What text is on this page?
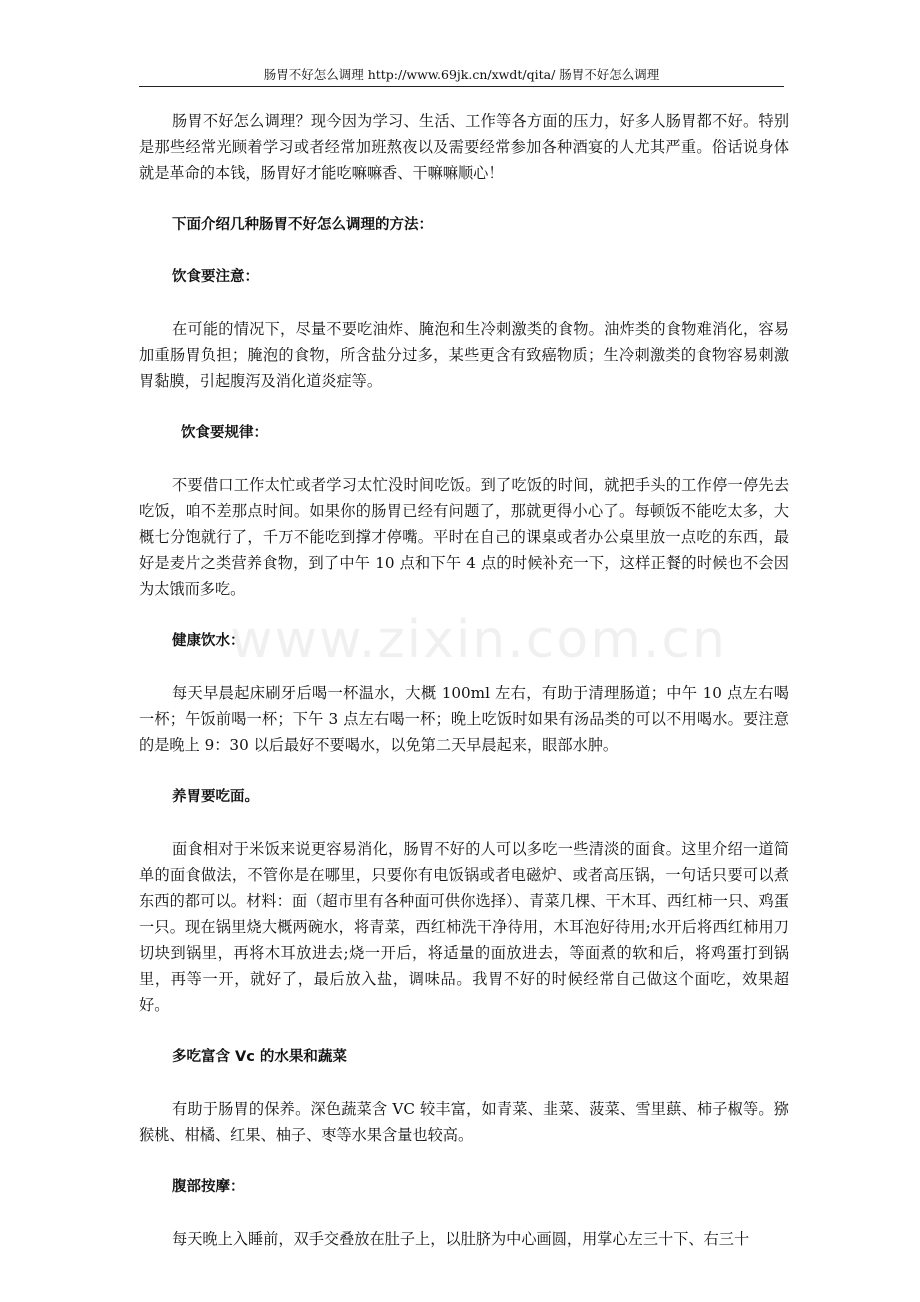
肠胃不好怎么调理 http://www.69jk.cn/xwdt/qita/ 肠胃不好怎么调理
www.zixin.com.cn

肠胃不好怎么调理？现今因为学习、生活、工作等各方面的压力，好多人肠胃都不好。特别是那些经常光顾着学习或者经常加班熬夜以及需要经常参加各种酒宴的人尤其严重。俗话说身体就是革命的本钱，肠胃好才能吃嘛嘛香、干嘛嘛顺心！

下面介绍几种肠胃不好怎么调理的方法：

饮食要注意：

在可能的情况下，尽量不要吃油炸、腌泡和生冷刺激类的食物。油炸类的食物难消化，容易加重肠胃负担；腌泡的食物，所含盐分过多，某些更含有致癌物质；生冷刺激类的食物容易刺激胃黏膜，引起腹泻及消化道炎症等。

饮食要规律：

不要借口工作太忙或者学习太忙没时间吃饭。到了吃饭的时间，就把手头的工作停一停先去吃饭，咱不差那点时间。如果你的肠胃已经有问题了，那就更得小心了。每顿饭不能吃太多，大概七分饱就行了，千万不能吃到撑才停嘴。平时在自己的课桌或者办公桌里放一点吃的东西，最好是麦片之类营养食物，到了中午 10 点和下午 4 点的时候补充一下，这样正餐的时候也不会因为太饿而多吃。

健康饮水：

每天早晨起床刷牙后喝一杯温水，大概 100ml 左右，有助于清理肠道；中午 10 点左右喝一杯；午饭前喝一杯；下午 3 点左右喝一杯；晚上吃饭时如果有汤品类的可以不用喝水。要注意的是晚上 9：30 以后最好不要喝水，以免第二天早晨起来，眼部水肿。

养胃要吃面。

面食相对于米饭来说更容易消化，肠胃不好的人可以多吃一些清淡的面食。这里介绍一道简单的面食做法，不管你是在哪里，只要你有电饭锅或者电磁炉、或者高压锅，一句话只要可以煮东西的都可以。材料：面（超市里有各种面可供你选择）、青菜几棵、干木耳、西红柿一只、鸡蛋一只。现在锅里烧大概两碗水，将青菜，西红柿洗干净待用，木耳泡好待用;水开后将西红柿用刀切块到锅里，再将木耳放进去;烧一开后，将适量的面放进去，等面煮的软和后，将鸡蛋打到锅里，再等一开，就好了，最后放入盐，调味品。我胃不好的时候经常自己做这个面吃，效果超好。

多吃富含 Vc 的水果和蔬菜

有助于肠胃的保养。深色蔬菜含 VC 较丰富，如青菜、韭菜、菠菜、雪里蕻、柿子椒等。猕猴桃、柑橘、红果、柚子、枣等水果含量也较高。

腹部按摩：

每天晚上入睡前，双手交叠放在肚子上，以肚脐为中心画圆，用掌心左三十下、右三十
